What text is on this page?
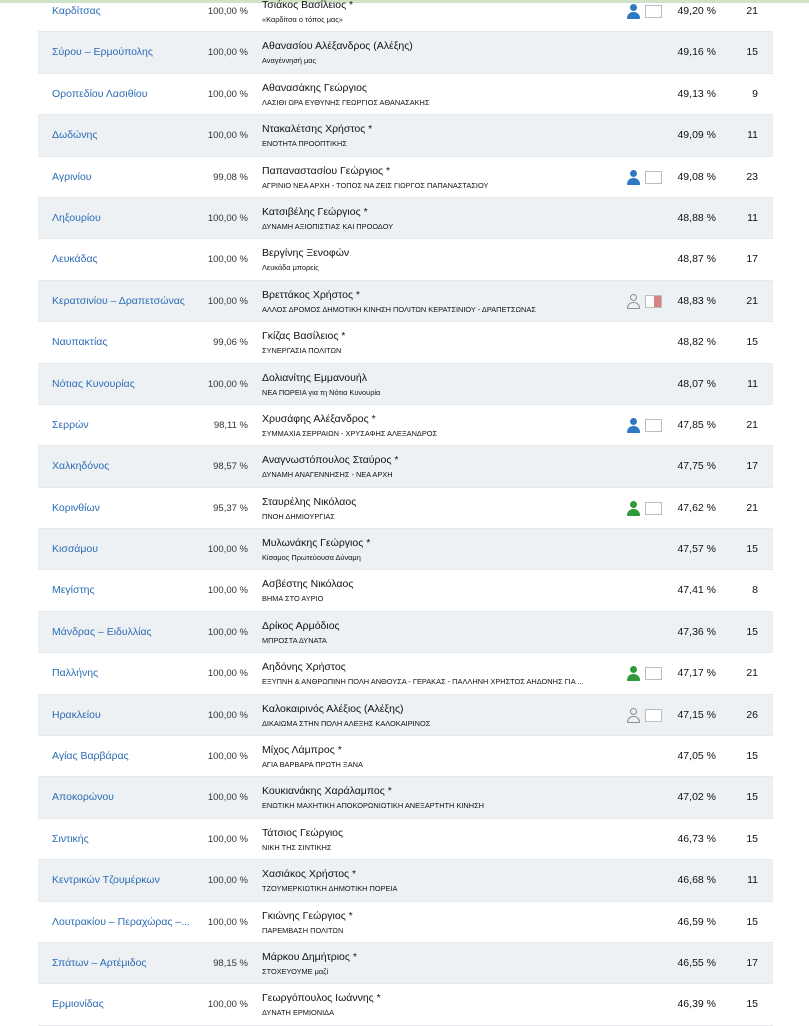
Καρδίτσας	100,00 %
Τσιάκος Βασίλειος *
«Καρδίτσα ο τόπος μας»
49,20 %	21
Σύρου – Ερμούπολης	100,00 %
Αθανασίου Αλέξανδρος (Αλέξης)
Αναγέννησή μας
49,16 %	15
Οροπεδίου Λασιθίου	100,00 %
Αθανασάκης Γεώργιος
ΛΑΣΙΘΙ ΩΡΑ ΕΥΘΥΝΗΣ ΓΕΩΡΓΙΟΣ ΑΘΑΝΑΣΑΚΗΣ
49,13 %	9
Δωδώνης	100,00 %
Ντακαλέτσης Χρήστος *
ΕΝΟΤΗΤΑ ΠΡΟΟΠΤΙΚΗΣ
49,09 %	11
Αγρινίου	99,08 %
Παπαναστασίου Γεώργιος *
ΑΓΡΙΝΙΟ ΝΕΑ ΑΡΧΗ - ΤΟΠΟΣ ΝΑ ΖΕΙΣ ΓΙΩΡΓΟΣ ΠΑΠΑΝΑΣΤΑΣΙΟΥ
49,08 %	23
Ληξουρίου	100,00 %
Κατσιβέλης Γεώργιος *
ΔΥΝΑΜΗ ΑΞΙΟΠΙΣΤΙΑΣ ΚΑΙ ΠΡΟΟΔΟΥ
48,88 %	11
Λευκάδας	100,00 %
Βεργίνης Ξενοφών
Λευκάδα μπορείς
48,87 %	17
Κερατσινίου – Δραπετσώνας	100,00 %
Βρεττάκος Χρήστος *
ΑΛΛΟΣ ΔΡΟΜΟΣ ΔΗΜΟΤΙΚΗ ΚΙΝΗΣΗ ΠΟΛΙΤΩΝ ΚΕΡΑΤΣΙΝΙΟΥ - ΔΡΑΠΕΤΣΩΝΑΣ
48,83 %	21
Ναυπακτίας	99,06 %
Γκίζας Βασίλειος *
ΣΥΝΕΡΓΑΣΙΑ ΠΟΛΙΤΩΝ
48,82 %	15
Νότιας Κυνουρίας	100,00 %
Δολιανίτης Εμμανουήλ
ΝΕΑ ΠΟΡΕΙΑ για τη Νότια Κυνουρία
48,07 %	11
Σερρών	98,11 %
Χρυσάφης Αλέξανδρος *
ΣΥΜΜΑΧΙΑ ΣΕΡΡΑΙΩΝ - ΧΡΥΣΑΦΗΣ ΑΛΕΞΑΝΔΡΟΣ
47,85 %	21
Χαλκηδόνος	98,57 %
Αναγνωστόπουλος Σταύρος *
ΔΥΝΑΜΗ ΑΝΑΓΕΝΝΗΣΗΣ - ΝΕΑ ΑΡΧΗ
47,75 %	17
Κορινθίων	95,37 %
Σταυρέλης Νικόλαος
ΠΝΟΗ ΔΗΜΙΟΥΡΓΙΑΣ
47,62 %	21
Κισσάμου	100,00 %
Μυλωνάκης Γεώργιος *
Κίσαμος Πρωτεύουσα Δύναμη
47,57 %	15
Μεγίστης	100,00 %
Ασβέστης Νικόλαος
ΒΗΜΑ ΣΤΟ ΑΥΡΙΟ
47,41 %	8
Μάνδρας – Ειδυλλίας	100,00 %
Δρίκος Αρμόδιος
ΜΠΡΟΣΤΑ ΔΥΝΑΤΑ
47,36 %	15
Παλλήνης	100,00 %
Αηδόνης Χρήστος
ΕΞΥΠΝΗ & ΑΝΘΡΩΠΙΝΗ ΠΟΛΗ ΑΝΘΟΥΣΑ - ΓΕΡΑΚΑΣ - ΠΑΛΛΗΝΗ ΧΡΗΣΤΟΣ ΑΗΔΟΝΗΣ ΓΙΑ ...
47,17 %	21
Ηρακλείου	100,00 %
Καλοκαιρινός Αλέξιος (Αλέξης)
ΔΙΚΑΙΩΜΑ ΣΤΗΝ ΠΟΛΗ ΑΛΕΞΗΣ ΚΑΛΟΚΑΙΡΙΝΟΣ
47,15 %	26
Αγίας Βαρβάρας	100,00 %
Μίχος Λάμπρος *
ΑΓΙΑ ΒΑΡΒΑΡΑ ΠΡΩΤΗ ΞΑΝΑ
47,05 %	15
Αποκορώνου	100,00 %
Κουκιανάκης Χαράλαμπος *
ΕΝΩΤΙΚΗ ΜΑΧΗΤΙΚΗ ΑΠΟΚΟΡΩΝΙΩΤΙΚΗ ΑΝΕΞΑΡΤΗΤΗ ΚΙΝΗΣΗ
47,02 %	15
Σιντικής	100,00 %
Τάτσιος Γεώργιος
ΝΙΚΗ ΤΗΣ ΣΙΝΤΙΚΗΣ
46,73 %	15
Κεντρικών Τζουμέρκων	100,00 %
Χασιάκος Χρήστος *
ΤΖΟΥΜΕΡΚΙΩΤΙΚΗ ΔΗΜΟΤΙΚΗ ΠΟΡΕΙΑ
46,68 %	11
Λουτρακίου – Περαχώρας –...	100,00 %
Γκιώνης Γεώργιος *
ΠΑΡΕΜΒΑΣΗ ΠΟΛΙΤΩΝ
46,59 %	15
Σπάτων – Αρτέμιδος	98,15 %
Μάρκου Δημήτριος *
ΣΤΟΧΕΥΟΥΜΕ μαζί
46,55 %	17
Ερμιονίδας	100,00 %
Γεωργόπουλος Ιωάννης *
ΔΥΝΑΤΗ ΕΡΜΙΟΝΙΔΑ
46,39 %	15
